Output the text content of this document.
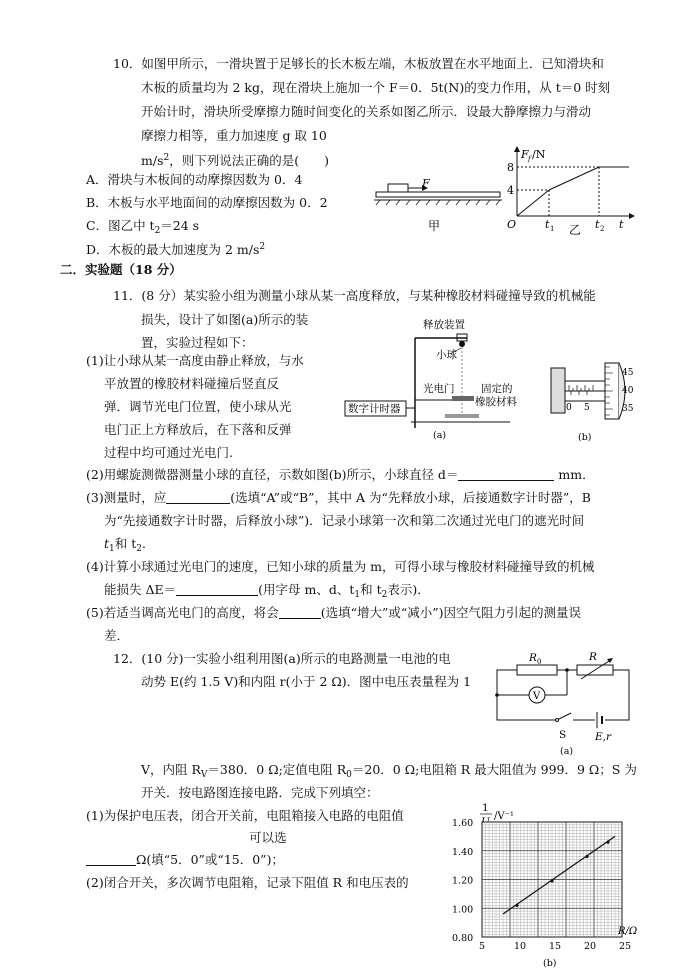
10．如图甲所示，一滑块置于足够长的长木板左端，木板放置在水平地面上．已知滑块和
木板的质量均为 2 kg，现在滑块上施加一个 F＝0．5t(N)的变力作用，从 t＝0 时刻
开始计时，滑块所受摩擦力随时间变化的关系如图乙所示．设最大静摩擦力与滑动
摩擦力相等，重力加速度 g 取 10
$m/s^2$，则下列说法正确的是(　　)
A．滑块与木板间的动摩擦因数为 0．4
B．木板与水平地面间的动摩擦因数为 0．2
C．图乙中 $t_2=24$ s
D．木板的最大加速度为 2 $m/s^2$
F
甲
F f /N
8
4
O	t 1	t 2
乙	t
二．实验题（18 分）
11．(8 分）某实验小组为测量小球从某一高度释放，与某种橡胶材料碰撞导致的机械能
损失，设计了如图(a)所示的装
置，实验过程如下：
(1)让小球从某一高度由静止释放，与水
平放置的橡胶材料碰撞后竖直反
弹．调节光电门位置，使小球从光
电门正上方释放后，在下落和反弹
过程中均可通过光电门.
释放装置
小球
光电门	固定的
橡胶材料
数字计时器
(a)
45
40
35
0 5
(b)
(2)用螺旋测微器测量小球的直径，示数如图(b)所示，小球直径 d＝	mm．
(3)测量时，应	(选填“A”或“B”，其中 A 为“先释放小球，后接通数字计时器”，B
为“先接通数字计时器，后释放小球”)．记录小球第一次和第二次通过光电门的遮光时间
$t_1$和 $t_2$．
(4)计算小球通过光电门的速度，已知小球的质量为 m，可得小球与橡胶材料碰撞导致的机械
能损失 ΔE＝	(用字母 m、d、$t_1$和 $t_2$表示)．
(5)若适当调高光电门的高度，将会	(选填“增大”或“减小”)因空气阻力引起的测量误
差．
12．(10 分)一实验小组利用图(a)所示的电路测量一电池的电
动势 E(约 1.5 V)和内阻 r(小于 2 Ω)．图中电压表量程为 1
V，内阻 $R_V=380$．0 Ω;定值电阻 $R_0=20$．0 Ω;电阻箱 R 最大阻值为 999．9 Ω；S 为
开关．按电路图连接电路．完成下列填空：
(1)为保护电压表，闭合开关前，电阻箱接入电路的电阻值
可以选
Ω(填“5．0”或“15．0”)；
(2)闭合开关，多次调节电阻箱，记录下阻值 R 和电压表的
R 0	R
V
S	E,r
(a)
1
/V⁻¹
1.60
1.40
1.20
1.00
0.80
5	10 15 20 25
R/Ω
(b)
